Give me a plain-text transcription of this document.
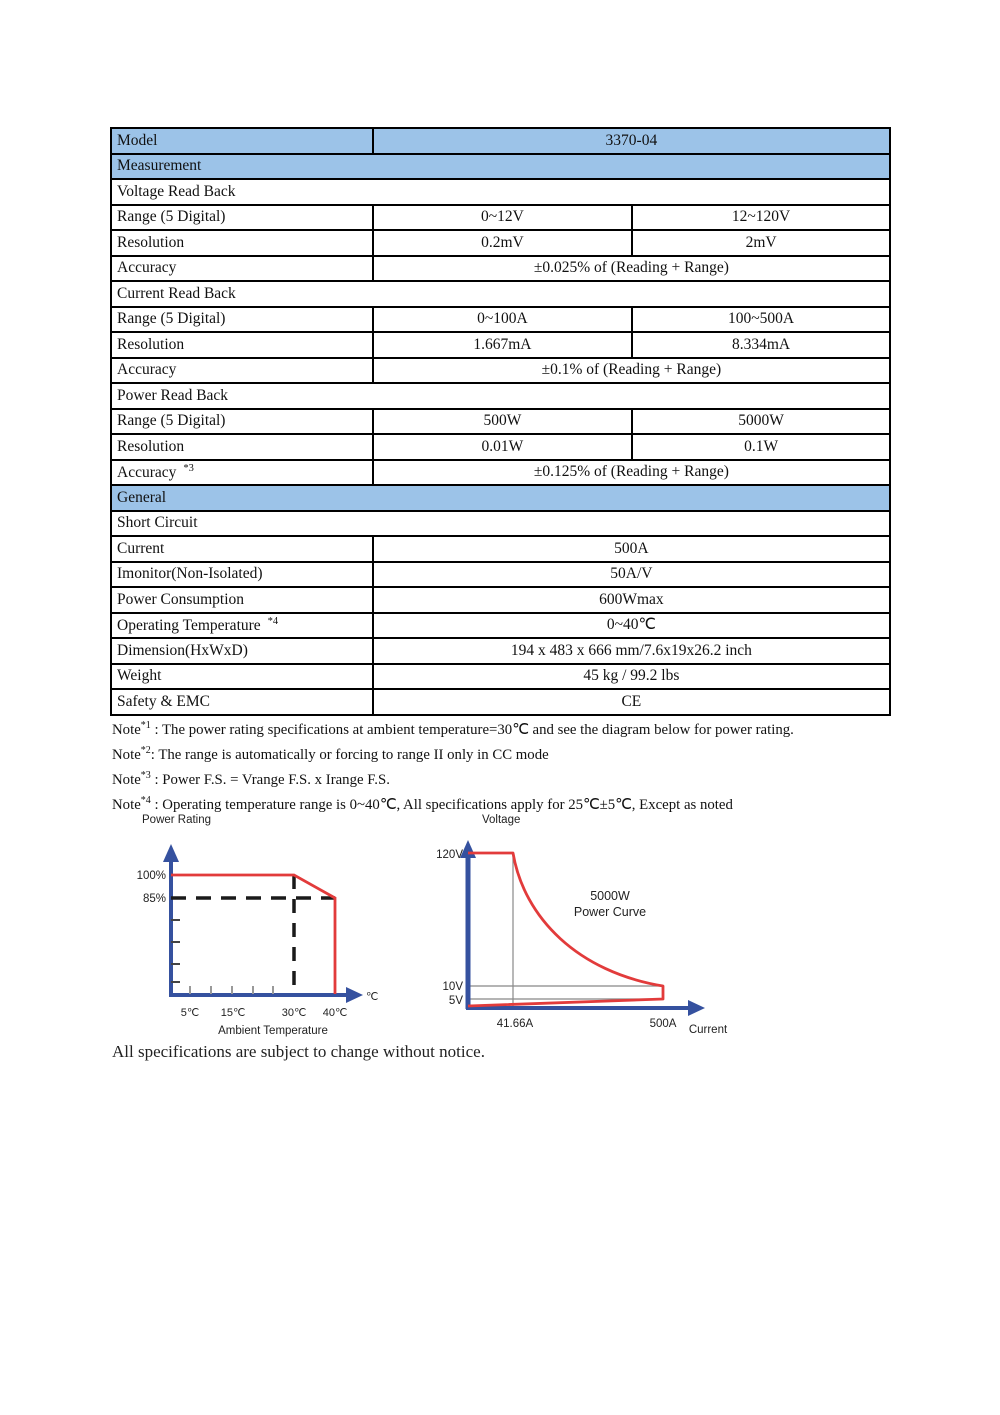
Model	3370-04	
Measurement		
Voltage Read Back		
Range (5 Digital)	0~12V	12~120V
Resolution	0.2mV	2mV
Accuracy	±0.025% of (Reading + Range)	
Current Read Back		
Range (5 Digital)	0~100A	100~500A
Resolution	1.667mA	8.334mA
Accuracy	±0.1% of (Reading + Range)	
Power Read Back		
Range (5 Digital)	500W	5000W
Resolution	0.01W	0.1W
Accuracy $^{*3}$	±0.125% of (Reading + Range)	
General		
Short Circuit		
Current	500A	
Imonitor(Non-Isolated)	50A/V	
Power Consumption	600Wmax	
Operating Temperature $^{*4}$	0~40℃	
Dimension(HxWxD)	194 x 483 x 666 mm/7.6x19x26.2 inch	
Weight	45 kg / 99.2 lbs	
Safety & EMC	CE	
Note$^{*1}$ : The power rating specifications at ambient temperature=30℃ and see the diagram below for power rating.
Note$^{*2}$: The range is automatically or forcing to range II only in CC mode
Note$^{*3}$ : Power F.S. = Vrange F.S. x Irange F.S.
Note$^{*4}$ : Operating temperature range is 0~40℃, All specifications apply for 25℃±5℃, Except as noted
Power Rating
100%
85%
℃
5℃ 15℃	30℃ 40℃
Ambient Temperature
Voltage
120V
10V
5V
41.66A	500A Current
5000W
Power Curve
All specifications are subject to change without notice.
